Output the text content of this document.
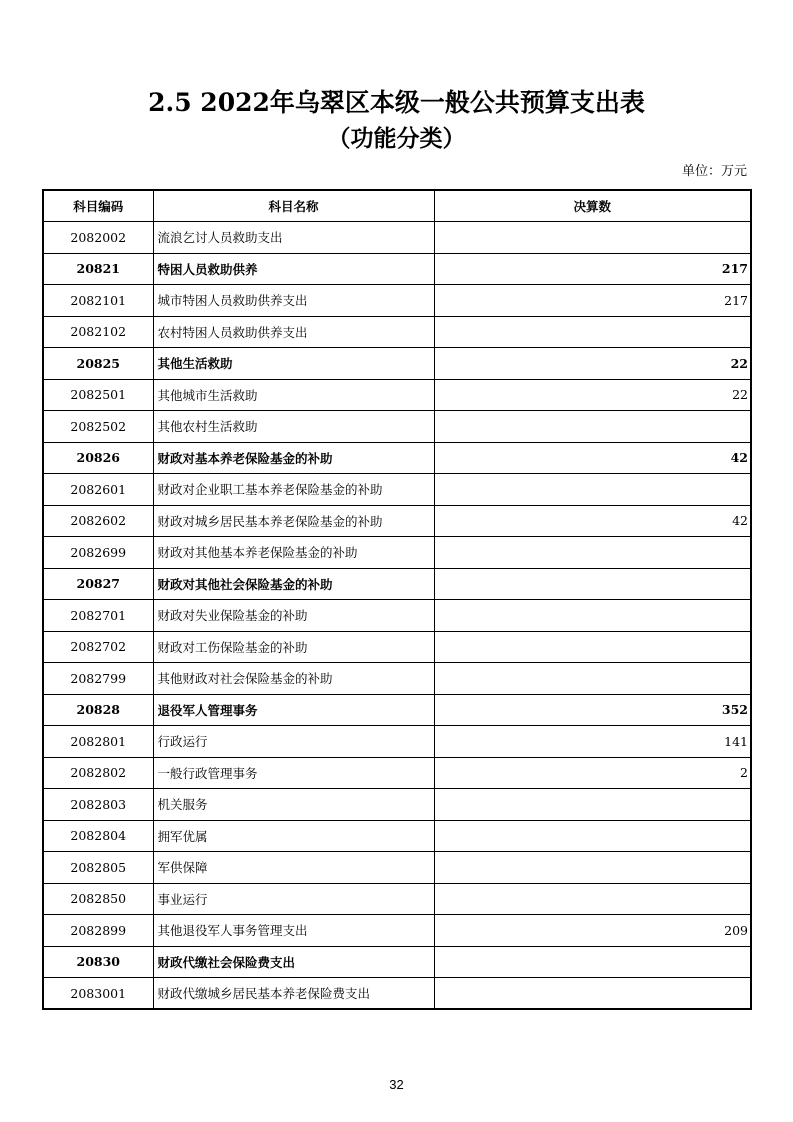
2.5 2022年乌翠区本级一般公共预算支出表
（功能分类）
单位：万元
科目编码	科目名称	决算数
2082002	流浪乞讨人员救助支出	
20821	特困人员救助供养	217
2082101	城市特困人员救助供养支出	217
2082102	农村特困人员救助供养支出	
20825	其他生活救助	22
2082501	其他城市生活救助	22
2082502	其他农村生活救助	
20826	财政对基本养老保险基金的补助	42
2082601	财政对企业职工基本养老保险基金的补助	
2082602	财政对城乡居民基本养老保险基金的补助	42
2082699	财政对其他基本养老保险基金的补助	
20827	财政对其他社会保险基金的补助	
2082701	财政对失业保险基金的补助	
2082702	财政对工伤保险基金的补助	
2082799	其他财政对社会保险基金的补助	
20828	退役军人管理事务	352
2082801	行政运行	141
2082802	一般行政管理事务	2
2082803	机关服务	
2082804	拥军优属	
2082805	军供保障	
2082850	事业运行	
2082899	其他退役军人事务管理支出	209
20830	财政代缴社会保险费支出	
2083001	财政代缴城乡居民基本养老保险费支出	
32
